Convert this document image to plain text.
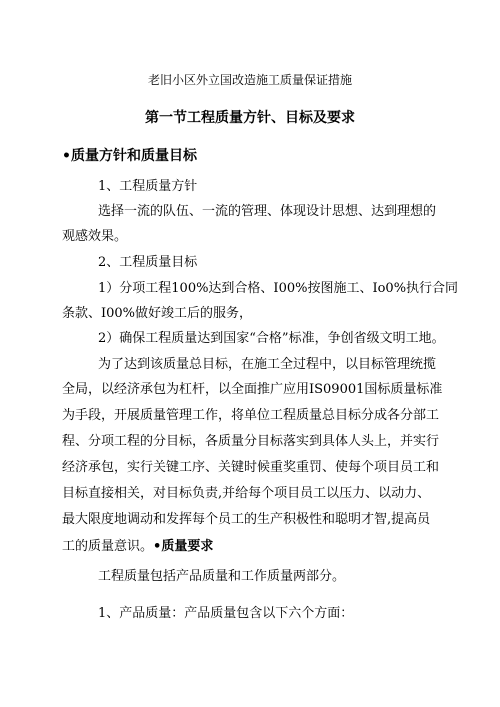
老旧小区外立国改造施工质量保证措施
第一节工程质量方针、目标及要求
•质量方针和质量目标
1、工程质量方针
选择一流的队伍、一流的管理、体现设计思想、达到理想的
观感效果。
2、工程质量目标
1）分项工程100%达到合格、I00%按图施工、Io0%执行合同
条款、I00%做好竣工后的服务，
2）确保工程质量达到国家“合格”标准，争创省级文明工地。
为了达到该质量总目标，在施工全过程中，以目标管理统揽
全局，以经济承包为杠杆，以全面推广应用IS09001国标质量标准
为手段，开展质量管理工作，将单位工程质量总目标分成各分部工
程、分项工程的分目标，各质量分目标落实到具体人头上，并实行
经济承包，实行关键工序、关键时候重奖重罚、使每个项目员工和
目标直接相关，对目标负责,并给每个项目员工以压力、以动力、
最大限度地调动和发挥每个员工的生产积极性和聪明才智,提高员
工的质量意识。•质量要求
工程质量包括产品质量和工作质量两部分。
1、产品质量：产品质量包含以下六个方面：
